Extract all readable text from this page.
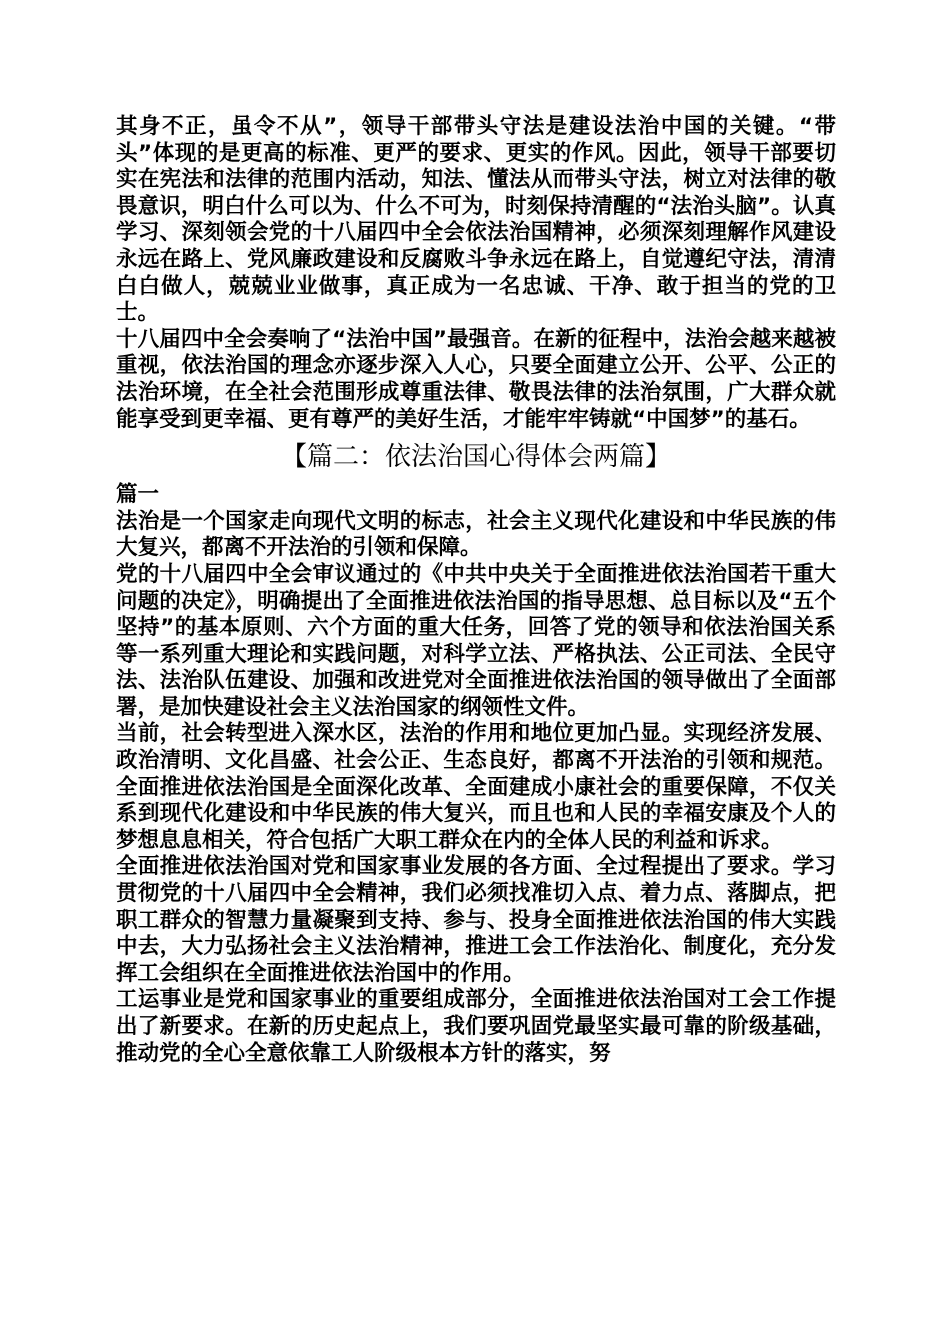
其身不正，虽令不从”，领导干部带头守法是建设法治中国的关键。“带头”体现的是更高的标准、更严的要求、更实的作风。因此，领导干部要切实在宪法和法律的范围内活动，知法、懂法从而带头守法，树立对法律的敬畏意识，明白什么可以为、什么不可为，时刻保持清醒的“法治头脑”。认真学习、深刻领会党的十八届四中全会依法治国精神，必须深刻理解作风建设永远在路上、党风廉政建设和反腐败斗争永远在路上，自觉遵纪守法，清清白白做人，兢兢业业做事，真正成为一名忠诚、干净、敢于担当的党的卫士。

十八届四中全会奏响了“法治中国”最强音。在新的征程中，法治会越来越被重视，依法治国的理念亦逐步深入人心，只要全面建立公开、公平、公正的法治环境，在全社会范围形成尊重法律、敬畏法律的法治氛围，广大群众就能享受到更幸福、更有尊严的美好生活，才能牢牢铸就“中国梦”的基石。

【篇二：依法治国心得体会两篇】
篇一

法治是一个国家走向现代文明的标志，社会主义现代化建设和中华民族的伟大复兴，都离不开法治的引领和保障。

党的十八届四中全会审议通过的《中共中央关于全面推进依法治国若干重大问题的决定》，明确提出了全面推进依法治国的指导思想、总目标以及“五个坚持”的基本原则、六个方面的重大任务，回答了党的领导和依法治国关系等一系列重大理论和实践问题，对科学立法、严格执法、公正司法、全民守法、法治队伍建设、加强和改进党对全面推进依法治国的领导做出了全面部署，是加快建设社会主义法治国家的纲领性文件。

当前，社会转型进入深水区，法治的作用和地位更加凸显。实现经济发展、政治清明、文化昌盛、社会公正、生态良好，都离不开法治的引领和规范。全面推进依法治国是全面深化改革、全面建成小康社会的重要保障，不仅关系到现代化建设和中华民族的伟大复兴，而且也和人民的幸福安康及个人的梦想息息相关，符合包括广大职工群众在内的全体人民的利益和诉求。

全面推进依法治国对党和国家事业发展的各方面、全过程提出了要求。学习贯彻党的十八届四中全会精神，我们必须找准切入点、着力点、落脚点，把职工群众的智慧力量凝聚到支持、参与、投身全面推进依法治国的伟大实践中去，大力弘扬社会主义法治精神，推进工会工作法治化、制度化，充分发挥工会组织在全面推进依法治国中的作用。

工运事业是党和国家事业的重要组成部分，全面推进依法治国对工会工作提出了新要求。在新的历史起点上，我们要巩固党最坚实最可靠的阶级基础，推动党的全心全意依靠工人阶级根本方针的落实，努
